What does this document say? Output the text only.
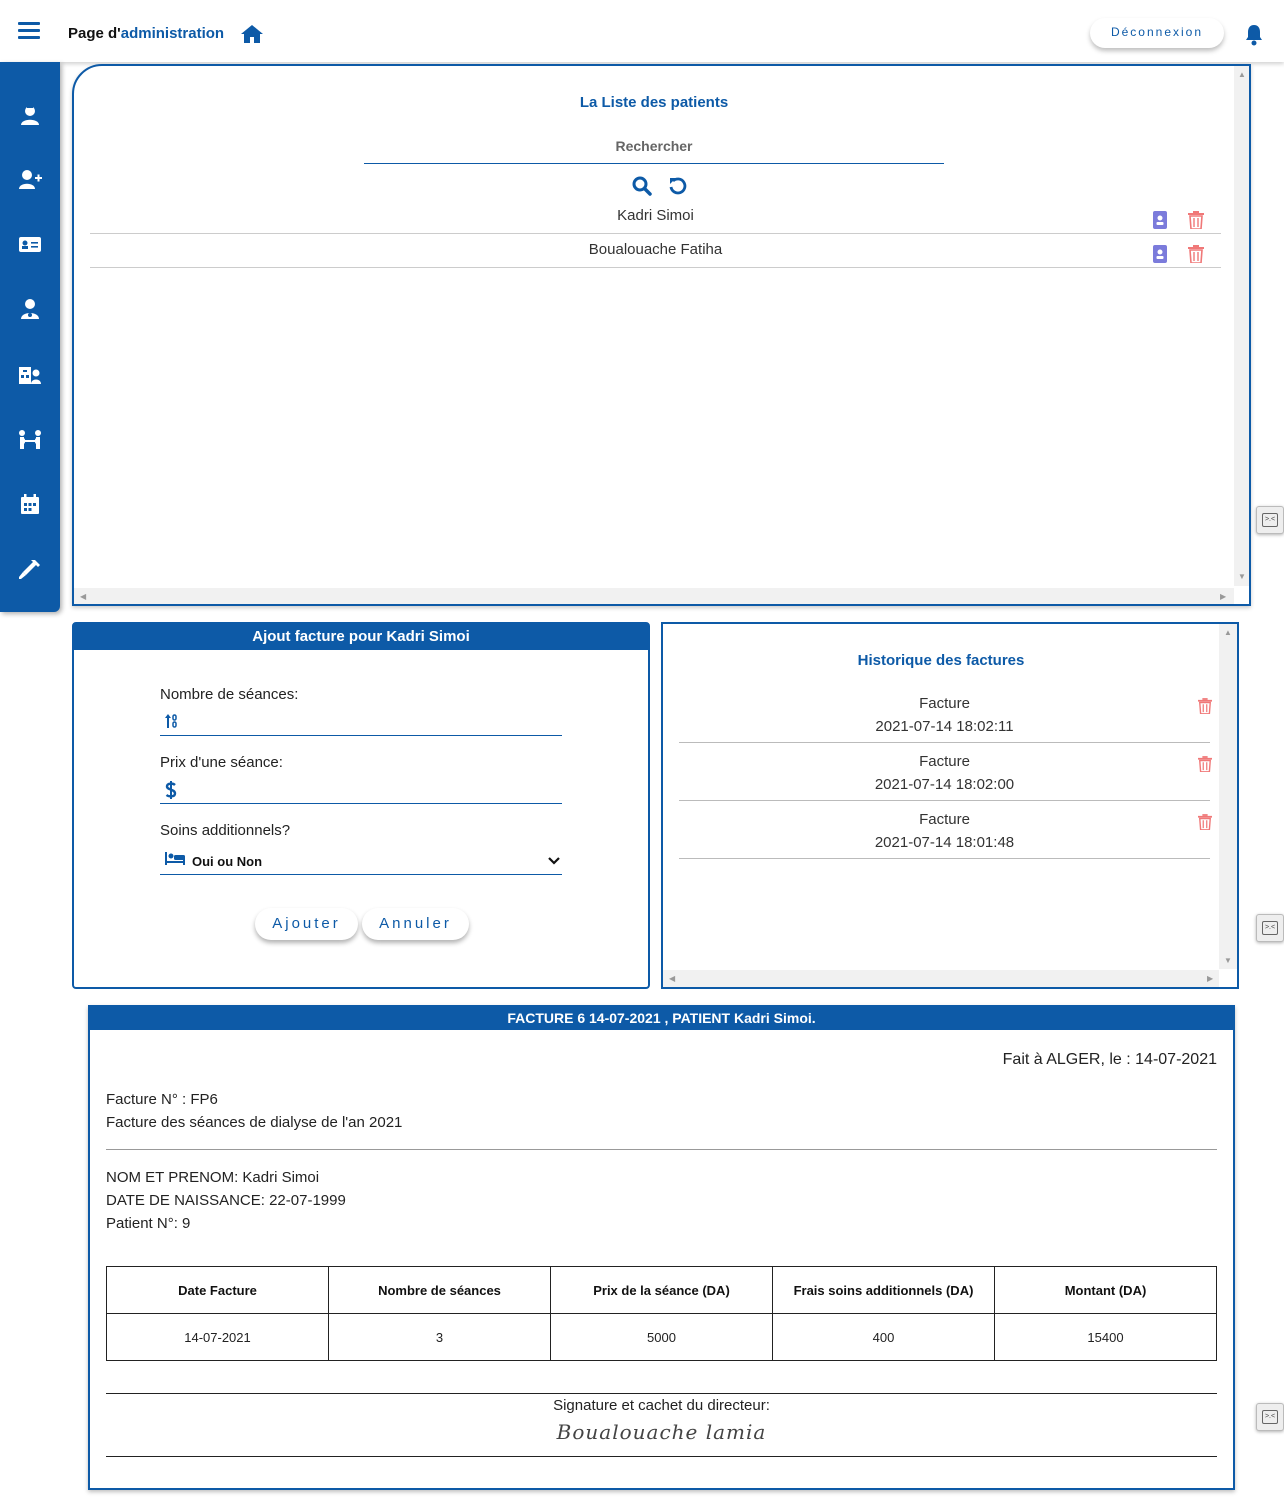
Page d'administration	Déconnexion
La Liste des patients
Rechercher
Kadri Simoi
Boualouache Fatiha
▲
▼
◀	▶
Ajout facture pour Kadri Simoi
Nombre de séances:
Prix d'une séance:
Soins additionnels?
Oui ou Non
Ajouter	Annuler
Historique des factures
Facture
2021-07-14 18:02:11
Facture
2021-07-14 18:02:00
Facture
2021-07-14 18:01:48
▲
▼
◀	▶
>.<
>.<
>.<
FACTURE 6 14-07-2021 , PATIENT Kadri Simoi.
Fait à ALGER, le : 14-07-2021
Facture N° : FP6
Facture des séances de dialyse de l'an 2021
NOM ET PRENOM: Kadri Simoi
DATE DE NAISSANCE: 22-07-1999
Patient N°: 9
Date Facture	Nombre de séances	Prix de la séance (DA)	Frais soins additionnels (DA)	Montant (DA)
14-07-2021	3	5000	400	15400
Signature et cachet du directeur:
Boualouache lamia
